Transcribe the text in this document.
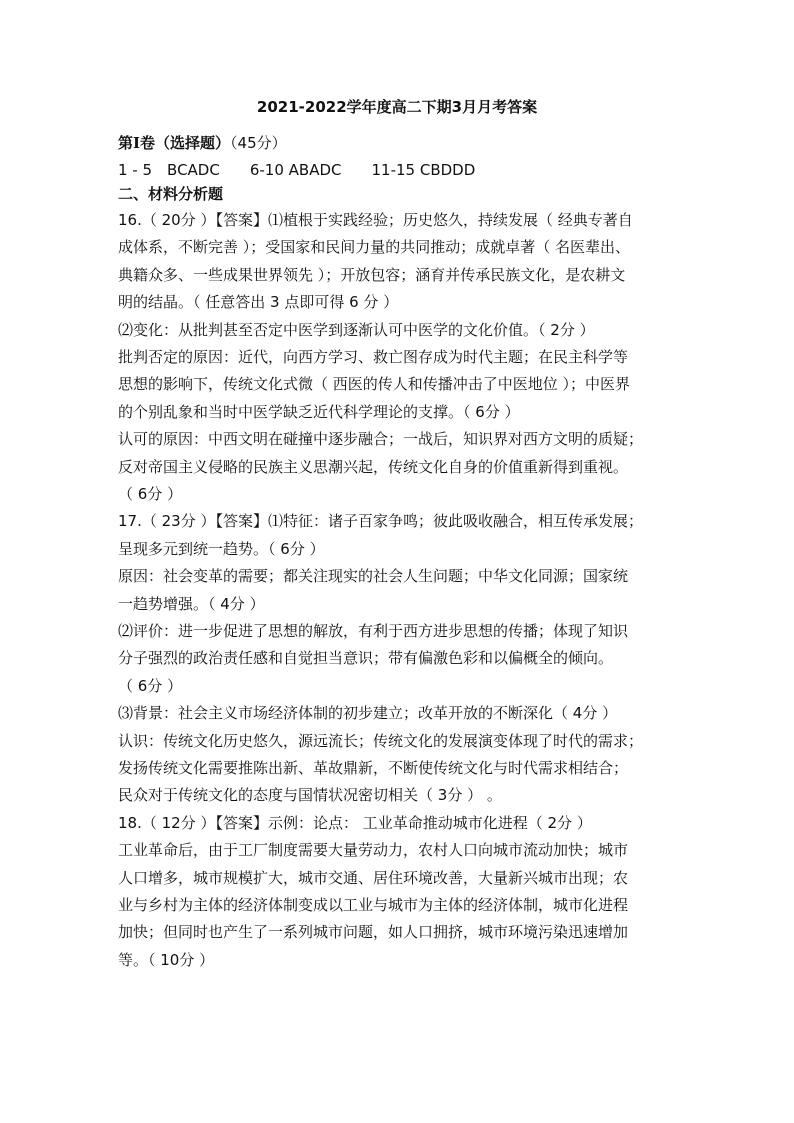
2021-2022学年度高二下期3月月考答案
第Ⅰ卷（选择题）（45分）
1 - 5　BCADC 6-10 ABADC 11-15 CBDDD
二、材料分析题
16.（ 20分 ）【答案】⑴植根于实践经验；历史悠久，持续发展（ 经典专著自
成体系，不断完善 ）；受国家和民间力量的共同推动；成就卓著（ 名医辈出、
典籍众多、一些成果世界领先 ）；开放包容；涵育并传承民族文化，是农耕文
明的结晶。（ 任意答出 3 点即可得 6 分 ）
⑵变化：从批判甚至否定中医学到逐渐认可中医学的文化价值。（ 2分 ）
批判否定的原因：近代，向西方学习、救亡图存成为时代主题；在民主科学等
思想的影响下，传统文化式微（ 西医的传人和传播冲击了中医地位 ）；中医界
的个别乱象和当时中医学缺乏近代科学理论的支撑。（ 6分 ）
认可的原因：中西文明在碰撞中逐步融合；一战后，知识界对西方文明的质疑；
反对帝国主义侵略的民族主义思潮兴起，传统文化自身的价值重新得到重视。
（ 6分 ）
17.（ 23分 ）【答案】⑴特征：诸子百家争鸣；彼此吸收融合，相互传承发展；
呈现多元到统一趋势。（ 6分 ）
原因：社会变革的需要；都关注现实的社会人生问题；中华文化同源；国家统
一趋势增强。（ 4分 ）
⑵评价：进一步促进了思想的解放，有利于西方进步思想的传播；体现了知识
分子强烈的政治责任感和自觉担当意识；带有偏激色彩和以偏概全的倾向。
（ 6分 ）
⑶背景：社会主义市场经济体制的初步建立；改革开放的不断深化（ 4分 ）
认识：传统文化历史悠久，源远流长；传统文化的发展演变体现了时代的需求；
发扬传统文化需要推陈出新、革故鼎新，不断使传统文化与时代需求相结合；
民众对于传统文化的态度与国情状况密切相关（ 3分 ） 。
18.（ 12分 ）【答案】示例：论点： 工业革命推动城市化进程（ 2分 ）
工业革命后，由于工厂制度需要大量劳动力，农村人口向城市流动加快；城市
人口增多，城市规模扩大，城市交通、居住环境改善，大量新兴城市出现；农
业与乡村为主体的经济体制变成以工业与城市为主体的经济体制，城市化进程
加快；但同时也产生了一系列城市问题，如人口拥挤，城市环境污染迅速增加
等。（ 10分 ）
